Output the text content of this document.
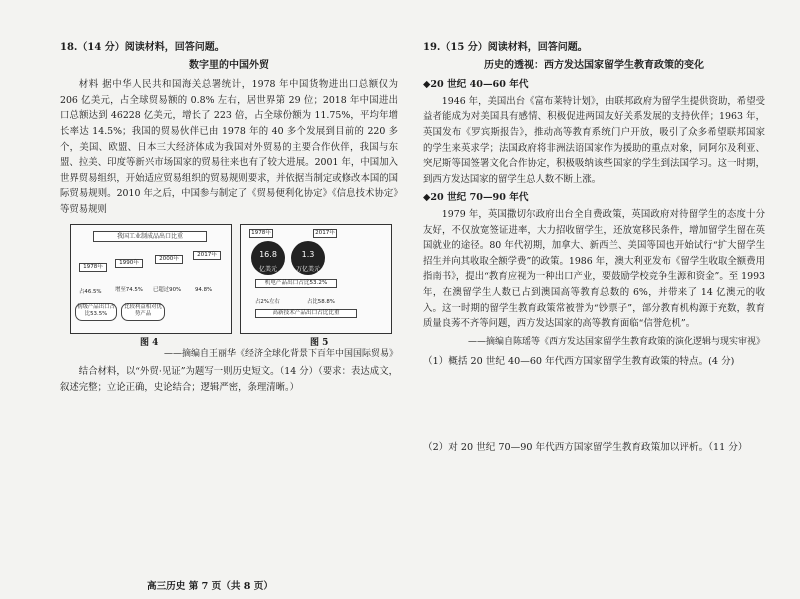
18.（14 分）阅读材料，回答问题。
数字里的中国外贸

材料 据中华人民共和国海关总署统计，1978 年中国货物进出口总额仅为 206 亿美元，占全球贸易额的 0.8% 左右，居世界第 29 位；2018 年中国进出口总额达到 46228 亿美元，增长了 223 倍，占全球份额为 11.75%，平均年增长率达 14.5%；我国的贸易伙伴已由 1978 年的 40 多个发展到目前的 220 多个，美国、欧盟、日本三大经济体成为我国对外贸易的主要合作伙伴，我国与东盟、拉美、印度等新兴市场国家的贸易往来也有了较大进展。2001 年，中国加入世界贸易组织，开始适应贸易组织的贸易规则要求，并依据当制定或修改本国的国际贸易规则。2010 年之后，中国参与制定了《贸易便利化协定》《信息技术协定》等贸易规则

我国工业制成品出口比重
1978年
1990年
2000年
2017年
占46.5% 增至74.5% 已超过90%	94.8%
初级产品出口占比53.5%
比较利益相对优势产品
图 4
1978年	2017年
16.8
亿美元
1.3
万亿美元
机电产品出口占比53.2%
占2%左右	占比58.8%
高新技术产品出口占比比重
图 5
——摘编自王丽华《经济全球化背景下百年中国国际贸易》

结合材料，以“外贸·见证”为题写一则历史短文。（14 分）（要求：表达成文，叙述完整；立论正确，史论结合；逻辑严密，条理清晰。）

19.（15 分）阅读材料，回答问题。
历史的透视：西方发达国家留学生教育政策的变化
◆20 世纪 40—60 年代

1946 年，美国出台《富布莱特计划》，由联邦政府为留学生提供资助，希望受益者能成为对美国具有感情、积极促进两国友好关系发展的支持伙伴；1963 年，英国发布《罗宾斯报告》，推动高等教育系统门户开放，吸引了众多希望联邦国家的学生来英求学；法国政府将非洲法语国家作为援助的重点对象，同阿尔及利亚、突尼斯等国签署文化合作协定，积极吸纳该些国家的学生到法国学习。这一时期，到西方发达国家的留学生总人数不断上涨。

◆20 世纪 70—90 年代

1979 年，英国撒切尔政府出台全自费政策，英国政府对待留学生的态度十分友好，不仅放宽签证进率，大力招收留学生，还放宽移民条件，增加留学生留在英国就业的途径。80 年代初期，加拿大、新西兰、美国等国也开始试行“扩大留学生招生并向其收取全额学费”的政策。1986 年，澳大利亚发布《留学生收取全额费用指南书》，提出“教育应视为一种出口产业，要鼓励学校竞争生源和资金”。至 1993 年，在澳留学生人数已占到澳国高等教育总数的 6%，并带来了 14 亿澳元的收入。这一时期的留学生教育政策常被誉为“钞票子”，部分教育机构源于充数，教育质量良莠不齐等问题，西方发达国家的高等教育面临“信誉危机”。

——摘编自陈瑶等《西方发达国家留学生教育政策的演化逻辑与现实审视》
（1）概括 20 世纪 40—60 年代西方国家留学生教育政策的特点。(4 分)
（2）对 20 世纪 70—90 年代西方国家留学生教育政策加以评析。（11 分）
高三历史 第 7 页（共 8 页）
